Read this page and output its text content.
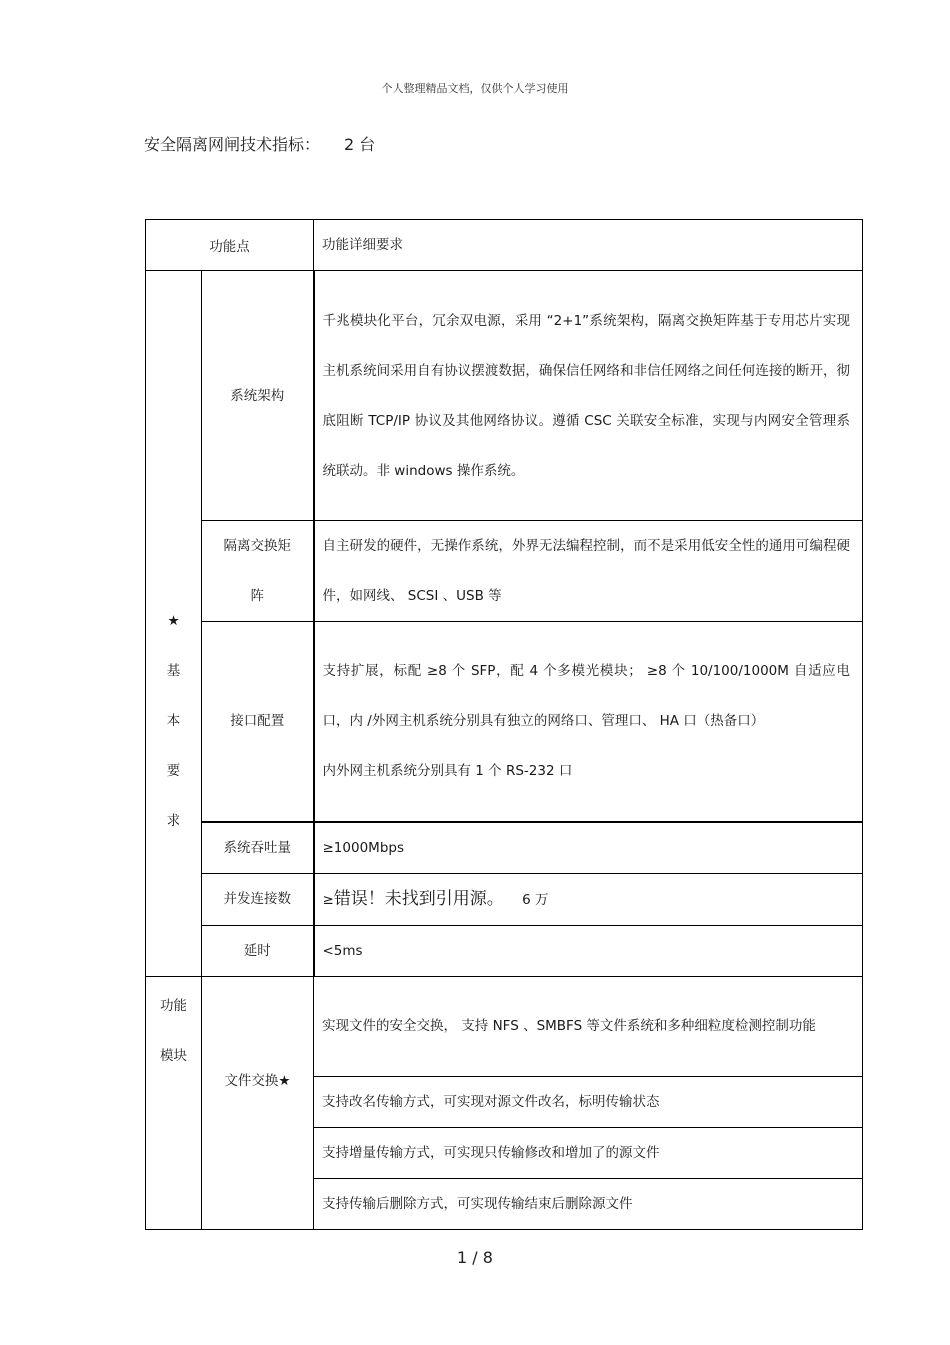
个人整理精品文档，仅供个人学习使用
安全隔离网闸技术指标： 2 台
功能点		功能详细要求

★
基
本
要
求	系统架构	千兆模块化平台，冗余双电源，采用 “2+1”系统架构，隔离交换矩阵基于专用芯片实现主机系统间采用自有协议摆渡数据，确保信任网络和非信任网络之间任何连接的断开，彻底阻断 TCP/IP 协议及其他网络协议。遵循 CSC 关联安全标准，实现与内网安全管理系统联动。非 windows 操作系统。

	隔离交换矩
阵	自主研发的硬件，无操作系统，外界无法编程控制，而不是采用低安全性的通用可编程硬件，如网线、 SCSI 、USB 等
	接口配置	支持扩展，标配 ≥8 个 SFP，配 4 个多模光模块； ≥8 个 10/100/1000M 自适应电口，内 /外网主机系统分别具有独立的网络口、管理口、 HA 口（热备口）
内外网主机系统分别具有 1 个 RS-232 口

	系统吞吐量	≥1000Mbps
	并发连接数	≥错误！未找到引用源。 6 万
	延时	<5ms

功能
模块	文件交换★	实现文件的安全交换， 支持 NFS 、SMBFS 等文件系统和多种细粒度检测控制功能
		支持改名传输方式，可实现对源文件改名，标明传输状态
		支持增量传输方式，可实现只传输修改和增加了的源文件
		支持传输后删除方式，可实现传输结束后删除源文件
1 / 8
